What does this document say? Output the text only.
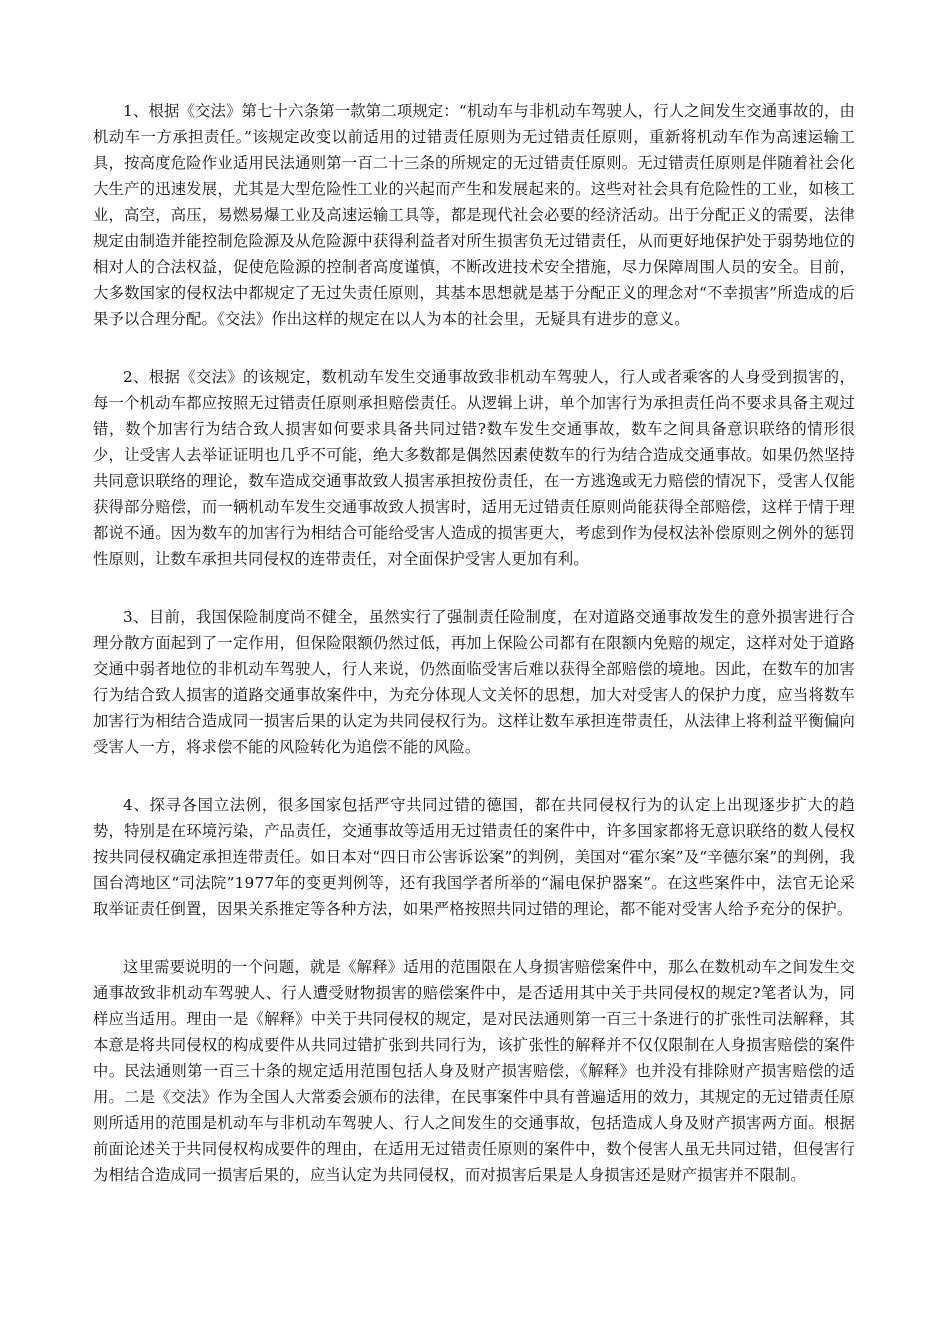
1、根据《交法》第七十六条第一款第二项规定：“机动车与非机动车驾驶人，行人之间发生交通事故的，由机动车一方承担责任。”该规定改变以前适用的过错责任原则为无过错责任原则，重新将机动车作为高速运输工具，按高度危险作业适用民法通则第一百二十三条的所规定的无过错责任原则。无过错责任原则是伴随着社会化大生产的迅速发展，尤其是大型危险性工业的兴起而产生和发展起来的。这些对社会具有危险性的工业，如核工业，高空，高压，易燃易爆工业及高速运输工具等，都是现代社会必要的经济活动。出于分配正义的需要，法律规定由制造并能控制危险源及从危险源中获得利益者对所生损害负无过错责任，从而更好地保护处于弱势地位的相对人的合法权益，促使危险源的控制者高度谨慎，不断改进技术安全措施，尽力保障周围人员的安全。目前，大多数国家的侵权法中都规定了无过失责任原则，其基本思想就是基于分配正义的理念对“不幸损害”所造成的后果予以合理分配。《交法》作出这样的规定在以人为本的社会里，无疑具有进步的意义。

2、根据《交法》的该规定，数机动车发生交通事故致非机动车驾驶人，行人或者乘客的人身受到损害的，每一个机动车都应按照无过错责任原则承担赔偿责任。从逻辑上讲，单个加害行为承担责任尚不要求具备主观过错，数个加害行为结合致人损害如何要求具备共同过错?数车发生交通事故，数车之间具备意识联络的情形很少，让受害人去举证证明也几乎不可能，绝大多数都是偶然因素使数车的行为结合造成交通事故。如果仍然坚持共同意识联络的理论，数车造成交通事故致人损害承担按份责任，在一方逃逸或无力赔偿的情况下，受害人仅能获得部分赔偿，而一辆机动车发生交通事故致人损害时，适用无过错责任原则尚能获得全部赔偿，这样于情于理都说不通。因为数车的加害行为相结合可能给受害人造成的损害更大，考虑到作为侵权法补偿原则之例外的惩罚性原则，让数车承担共同侵权的连带责任，对全面保护受害人更加有利。

3、目前，我国保险制度尚不健全，虽然实行了强制责任险制度，在对道路交通事故发生的意外损害进行合理分散方面起到了一定作用，但保险限额仍然过低，再加上保险公司都有在限额内免赔的规定，这样对处于道路交通中弱者地位的非机动车驾驶人，行人来说，仍然面临受害后难以获得全部赔偿的境地。因此，在数车的加害行为结合致人损害的道路交通事故案件中，为充分体现人文关怀的思想，加大对受害人的保护力度，应当将数车加害行为相结合造成同一损害后果的认定为共同侵权行为。这样让数车承担连带责任，从法律上将利益平衡偏向受害人一方，将求偿不能的风险转化为追偿不能的风险。

4、探寻各国立法例，很多国家包括严守共同过错的德国，都在共同侵权行为的认定上出现逐步扩大的趋势，特别是在环境污染，产品责任，交通事故等适用无过错责任的案件中，许多国家都将无意识联络的数人侵权按共同侵权确定承担连带责任。如日本对“四日市公害诉讼案”的判例，美国对“霍尔案”及“辛德尔案”的判例，我国台湾地区“司法院”1977年的变更判例等，还有我国学者所举的“漏电保护器案”。在这些案件中，法官无论采取举证责任倒置，因果关系推定等各种方法，如果严格按照共同过错的理论，都不能对受害人给予充分的保护。

这里需要说明的一个问题，就是《解释》适用的范围限在人身损害赔偿案件中，那么在数机动车之间发生交通事故致非机动车驾驶人、行人遭受财物损害的赔偿案件中，是否适用其中关于共同侵权的规定?笔者认为，同样应当适用。理由一是《解释》中关于共同侵权的规定，是对民法通则第一百三十条进行的扩张性司法解释，其本意是将共同侵权的构成要件从共同过错扩张到共同行为，该扩张性的解释并不仅仅限制在人身损害赔偿的案件中。民法通则第一百三十条的规定适用范围包括人身及财产损害赔偿，《解释》也并没有排除财产损害赔偿的适用。二是《交法》作为全国人大常委会颁布的法律，在民事案件中具有普遍适用的效力，其规定的无过错责任原则所适用的范围是机动车与非机动车驾驶人、行人之间发生的交通事故，包括造成人身及财产损害两方面。根据前面论述关于共同侵权构成要件的理由，在适用无过错责任原则的案件中，数个侵害人虽无共同过错，但侵害行为相结合造成同一损害后果的，应当认定为共同侵权，而对损害后果是人身损害还是财产损害并不限制。
